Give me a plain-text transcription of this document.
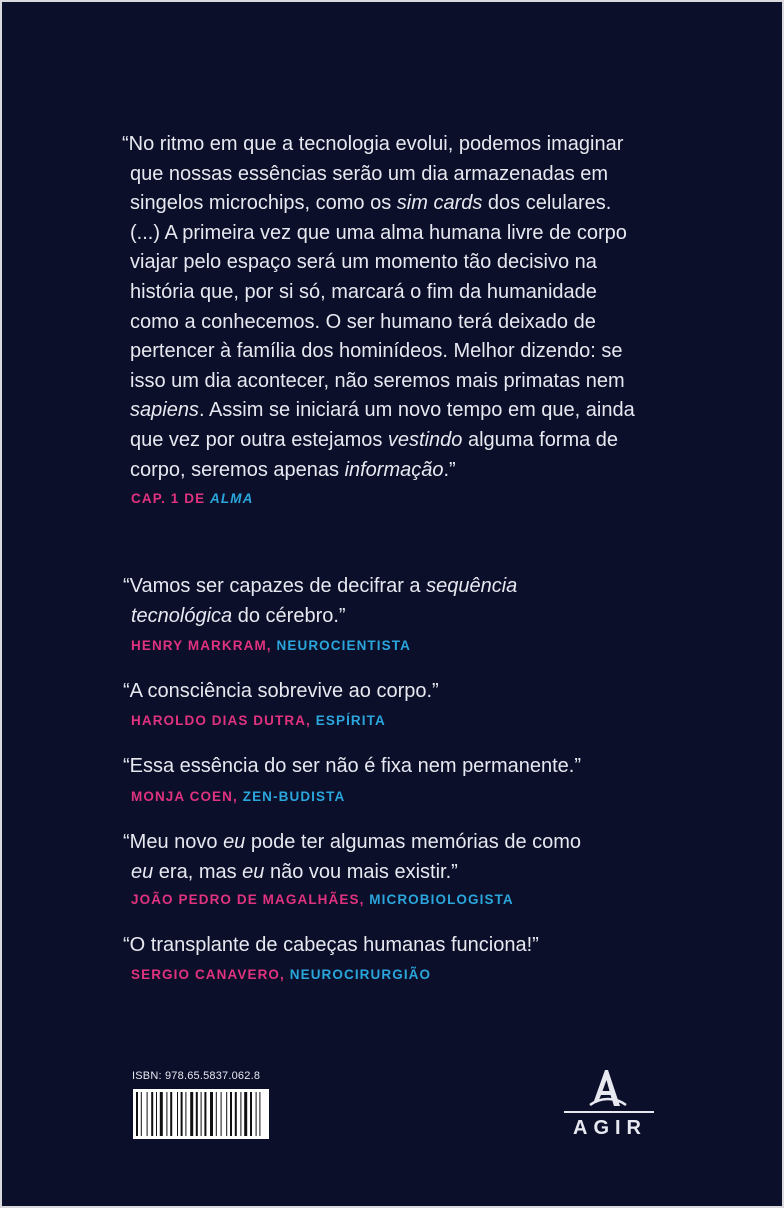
“No ritmo em que a tecnologia evolui, podemos imaginar
que nossas essências serão um dia armazenadas em
singelos microchips, como os sim cards dos celulares.
(...) A primeira vez que uma alma humana livre de corpo
viajar pelo espaço será um momento tão decisivo na
história que, por si só, marcará o fim da humanidade
como a conhecemos. O ser humano terá deixado de
pertencer à família dos hominídeos. Melhor dizendo: se
isso um dia acontecer, não seremos mais primatas nem
sapiens. Assim se iniciará um novo tempo em que, ainda
que vez por outra estejamos vestindo alguma forma de
corpo, seremos apenas informação.”
CAP. 1 DE ALMA
“Vamos ser capazes de decifrar a sequência
tecnológica do cérebro.”
HENRY MARKRAM, NEUROCIENTISTA
“A consciência sobrevive ao corpo.”
HAROLDO DIAS DUTRA, ESPÍRITA
“Essa essência do ser não é fixa nem permanente.”
MONJA COEN, ZEN-BUDISTA
“Meu novo eu pode ter algumas memórias de como
eu era, mas eu não vou mais existir.”
JOÃO PEDRO DE MAGALHÃES, MICROBIOLOGISTA
“O transplante de cabeças humanas funciona!”
SERGIO CANAVERO, NEUROCIRURGIÃO
ISBN: 978.65.5837.062.8
AGIR
